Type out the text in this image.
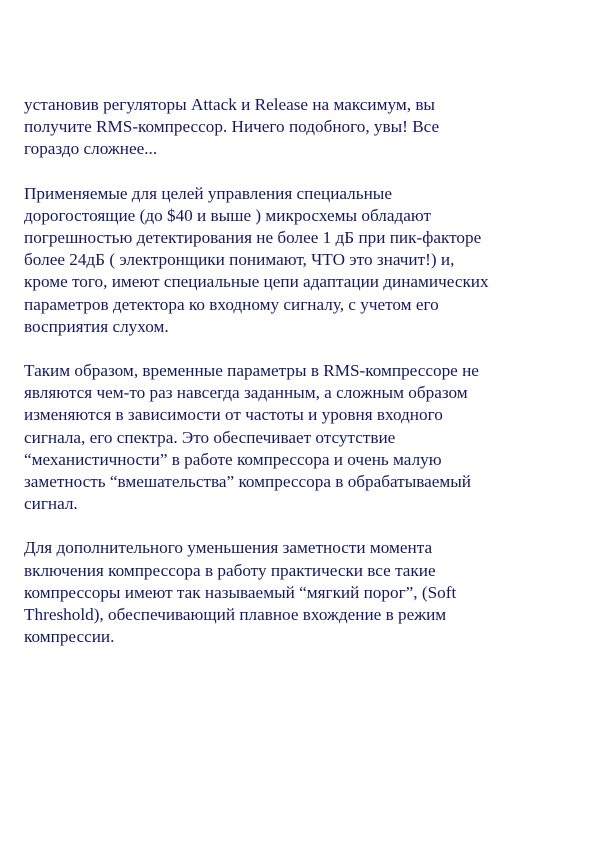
установив регуляторы Attack и Release на максимум, вы
получите RMS-компрессор. Ничего подобного, увы! Все
гораздо сложнее...
Применяемые для целей управления специальные
дорогостоящие (до $40 и выше ) микросхемы обладают
погрешностью детектирования не более 1 дБ при пик-факторе
более 24дБ ( электронщики понимают, ЧТО это значит!) и,
кроме того, имеют специальные цепи адаптации динамических
параметров детектора ко входному сигналу, с учетом его
восприятия слухом.
Таким образом, временные параметры в RMS-компрессоре не
являются чем-то раз навсегда заданным, а сложным образом
изменяются в зависимости от частоты и уровня входного
сигнала, его спектра. Это обеспечивает отсутствие
“механистичности” в работе компрессора и очень малую
заметность “вмешательства” компрессора в обрабатываемый
сигнал.
Для дополнительного уменьшения заметности момента
включения компрессора в работу практически все такие
компрессоры имеют так называемый “мягкий порог”, (Soft
Threshold), обеспечивающий плавное вхождение в режим
компрессии.
